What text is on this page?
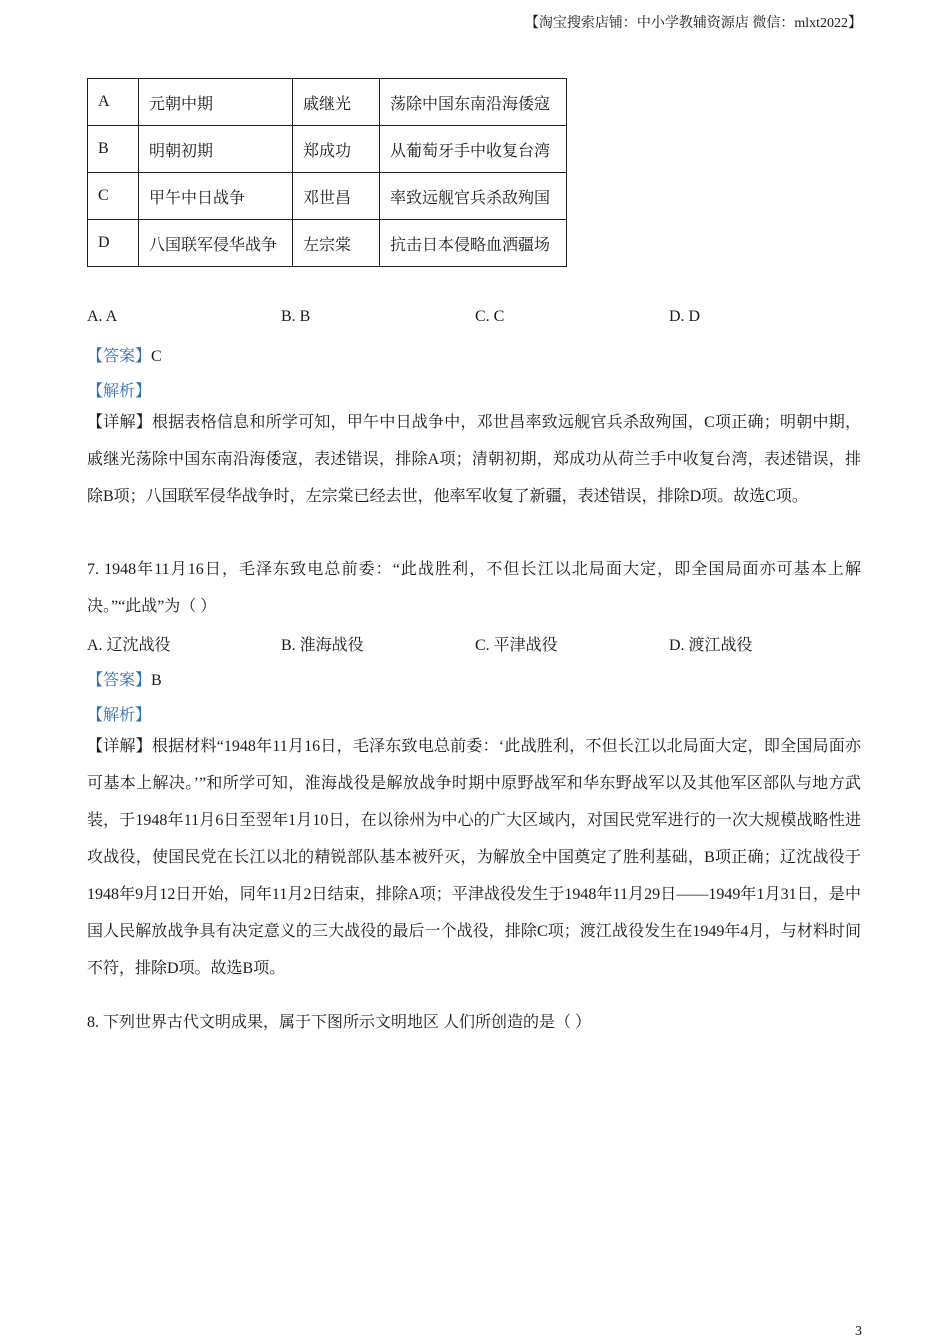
【淘宝搜索店铺：中小学教辅资源店 微信：mlxt2022】
A	元朝中期	戚继光	荡除中国东南沿海倭寇
B	明朝初期	郑成功	从葡萄牙手中收复台湾
C	甲午中日战争	邓世昌	率致远舰官兵杀敌殉国
D	八国联军侵华战争	左宗棠	抗击日本侵略血洒疆场
A. A	B. B	C. C	D. D
【答案】C
【解析】
【详解】根据表格信息和所学可知，甲午中日战争中，邓世昌率致远舰官兵杀敌殉国，C项正确；明朝中期，戚继光荡除中国东南沿海倭寇，表述错误，排除A项；清朝初期，郑成功从荷兰手中收复台湾，表述错误，排除B项；八国联军侵华战争时，左宗棠已经去世，他率军收复了新疆，表述错误，排除D项。故选C项。
7. 1948年11月16日，毛泽东致电总前委：“此战胜利，不但长江以北局面大定，即全国局面亦可基本上解决。”“此战”为（ ）
A. 辽沈战役	B. 淮海战役	C. 平津战役	D. 渡江战役
【答案】B
【解析】
【详解】根据材料“1948年11月16日，毛泽东致电总前委：‘此战胜利，不但长江以北局面大定，即全国局面亦可基本上解决。’”和所学可知，淮海战役是解放战争时期中原野战军和华东野战军以及其他军区部队与地方武装，于1948年11月6日至翌年1月10日，在以徐州为中心的广大区域内，对国民党军进行的一次大规模战略性进攻战役，使国民党在长江以北的精锐部队基本被歼灭，为解放全中国奠定了胜利基础，B项正确；辽沈战役于1948年9月12日开始，同年11月2日结束，排除A项；平津战役发生于1948年11月29日——1949年1月31日，是中国人民解放战争具有决定意义的三大战役的最后一个战役，排除C项；渡江战役发生在1949年4月，与材料时间不符，排除D项。故选B项。
8. 下列世界古代文明成果，属于下图所示文明地区 人们所创造的是（ ）
3
